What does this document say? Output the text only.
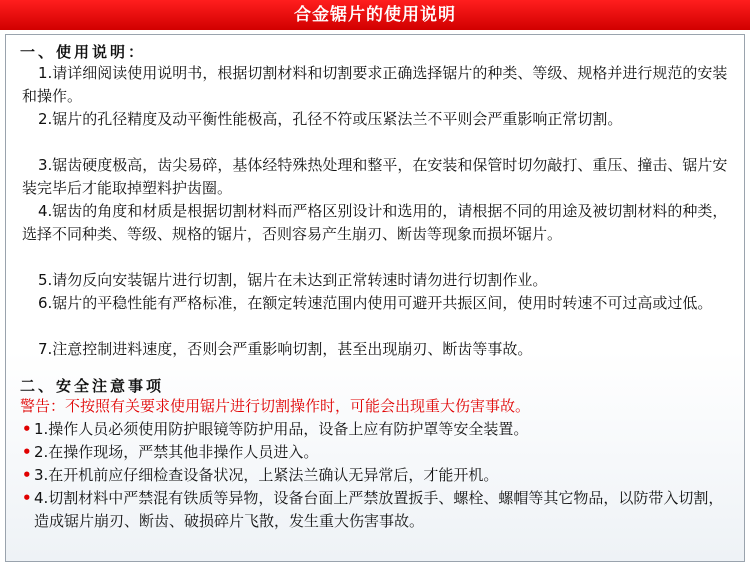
合金锯片的使用说明
一、使用说明：
1.请详细阅读使用说明书，根据切割材料和切割要求正确选择锯片的种类、等级、规格并进行规范的安装和操作。
2.锯片的孔径精度及动平衡性能极高，孔径不符或压紧法兰不平则会严重影响正常切割。
3.锯齿硬度极高，齿尖易碎，基体经特殊热处理和整平，在安装和保管时切勿敲打、重压、撞击、锯片安装完毕后才能取掉塑料护齿圈。
4.锯齿的角度和材质是根据切割材料而严格区别设计和选用的，请根据不同的用途及被切割材料的种类，选择不同种类、等级、规格的锯片，否则容易产生崩刃、断齿等现象而损坏锯片。
5.请勿反向安装锯片进行切割，锯片在未达到正常转速时请勿进行切割作业。
6.锯片的平稳性能有严格标准，在额定转速范围内使用可避开共振区间，使用时转速不可过高或过低。
7.注意控制进料速度，否则会严重影响切割，甚至出现崩刃、断齿等事故。
二、安全注意事项
警告：不按照有关要求使用锯片进行切割操作时，可能会出现重大伤害事故。
• 1.操作人员必须使用防护眼镜等防护用品，设备上应有防护罩等安全装置。
• 2.在操作现场，严禁其他非操作人员进入。
• 3.在开机前应仔细检查设备状况，上紧法兰确认无异常后，才能开机。
• 4.切割材料中严禁混有铁质等异物，设备台面上严禁放置扳手、螺栓、螺帽等其它物品，以防带入切割，造成锯片崩刃、断齿、破损碎片飞散，发生重大伤害事故。
